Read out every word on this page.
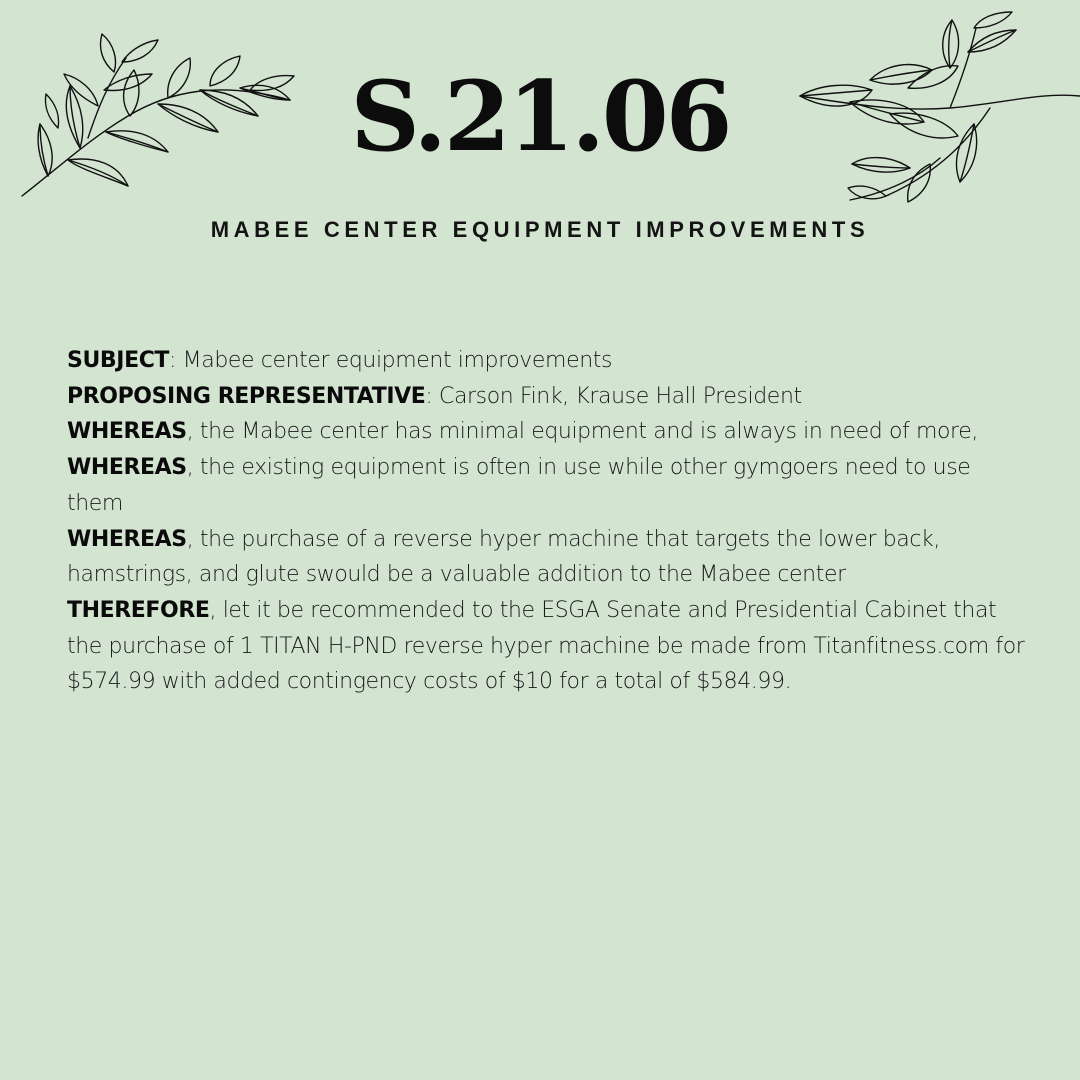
S.21.06
MABEE CENTER EQUIPMENT IMPROVEMENTS

SUBJECT: Mabee center equipment improvements

PROPOSING REPRESENTATIVE: Carson Fink, Krause Hall President

WHEREAS, the Mabee center has minimal equipment and is always in need of more,

WHEREAS, the existing equipment is often in use while other gymgoers need to use them

WHEREAS, the purchase of a reverse hyper machine that targets the lower back, hamstrings, and glute swould be a valuable addition to the Mabee center

THEREFORE, let it be recommended to the ESGA Senate and Presidential Cabinet that the purchase of 1 TITAN H-PND reverse hyper machine be made from Titanfitness.com for $574.99 with added contingency costs of $10 for a total of $584.99.
